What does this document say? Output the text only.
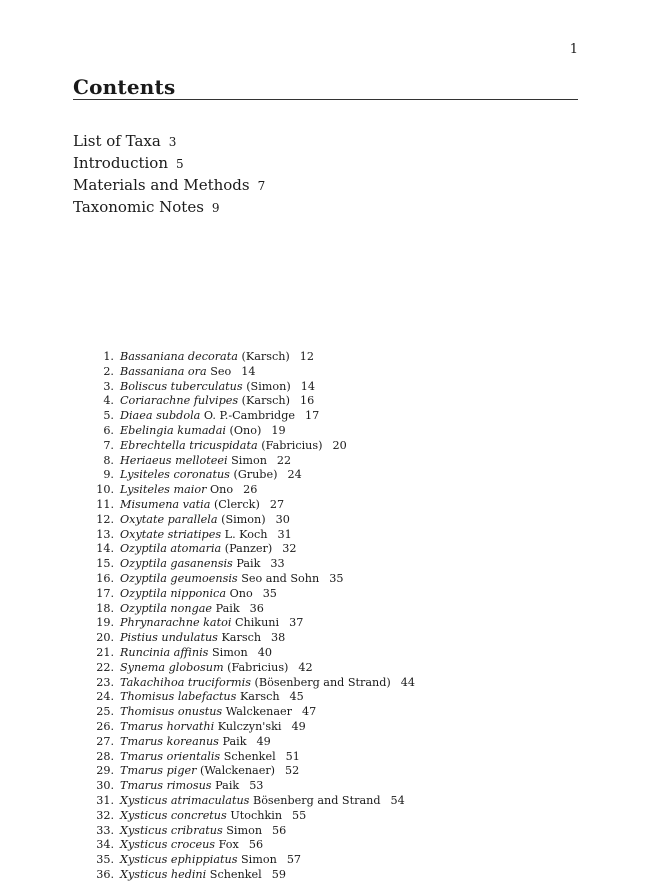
1
Contents
List of Taxa 3
Introduction 5
Materials and Methods 7
Taxonomic Notes 9
1. Bassaniana decorata (Karsch) 12
2. Bassaniana ora Seo 14
3. Boliscus tuberculatus (Simon) 14
4. Coriarachne fulvipes (Karsch) 16
5. Diaea subdola O. P.-Cambridge 17
6. Ebelingia kumadai (Ono) 19
7. Ebrechtella tricuspidata (Fabricius) 20
8. Heriaeus melloteei Simon 22
9. Lysiteles coronatus (Grube) 24
10. Lysiteles maior Ono 26
11. Misumena vatia (Clerck) 27
12. Oxytate parallela (Simon) 30
13. Oxytate striatipes L. Koch 31
14. Ozyptila atomaria (Panzer) 32
15. Ozyptila gasanensis Paik 33
16. Ozyptila geumoensis Seo and Sohn 35
17. Ozyptila nipponica Ono 35
18. Ozyptila nongae Paik 36
19. Phrynarachne katoi Chikuni 37
20. Pistius undulatus Karsch 38
21. Runcinia affinis Simon 40
22. Synema globosum (Fabricius) 42
23. Takachihoa truciformis (Bösenberg and Strand) 44
24. Thomisus labefactus Karsch 45
25. Thomisus onustus Walckenaer 47
26. Tmarus horvathi Kulczyn'ski 49
27. Tmarus koreanus Paik 49
28. Tmarus orientalis Schenkel 51
29. Tmarus piger (Walckenaer) 52
30. Tmarus rimosus Paik 53
31. Xysticus atrimaculatus Bösenberg and Strand 54
32. Xysticus concretus Utochkin 55
33. Xysticus cribratus Simon 56
34. Xysticus croceus Fox 56
35. Xysticus ephippiatus Simon 57
36. Xysticus hedini Schenkel 59
